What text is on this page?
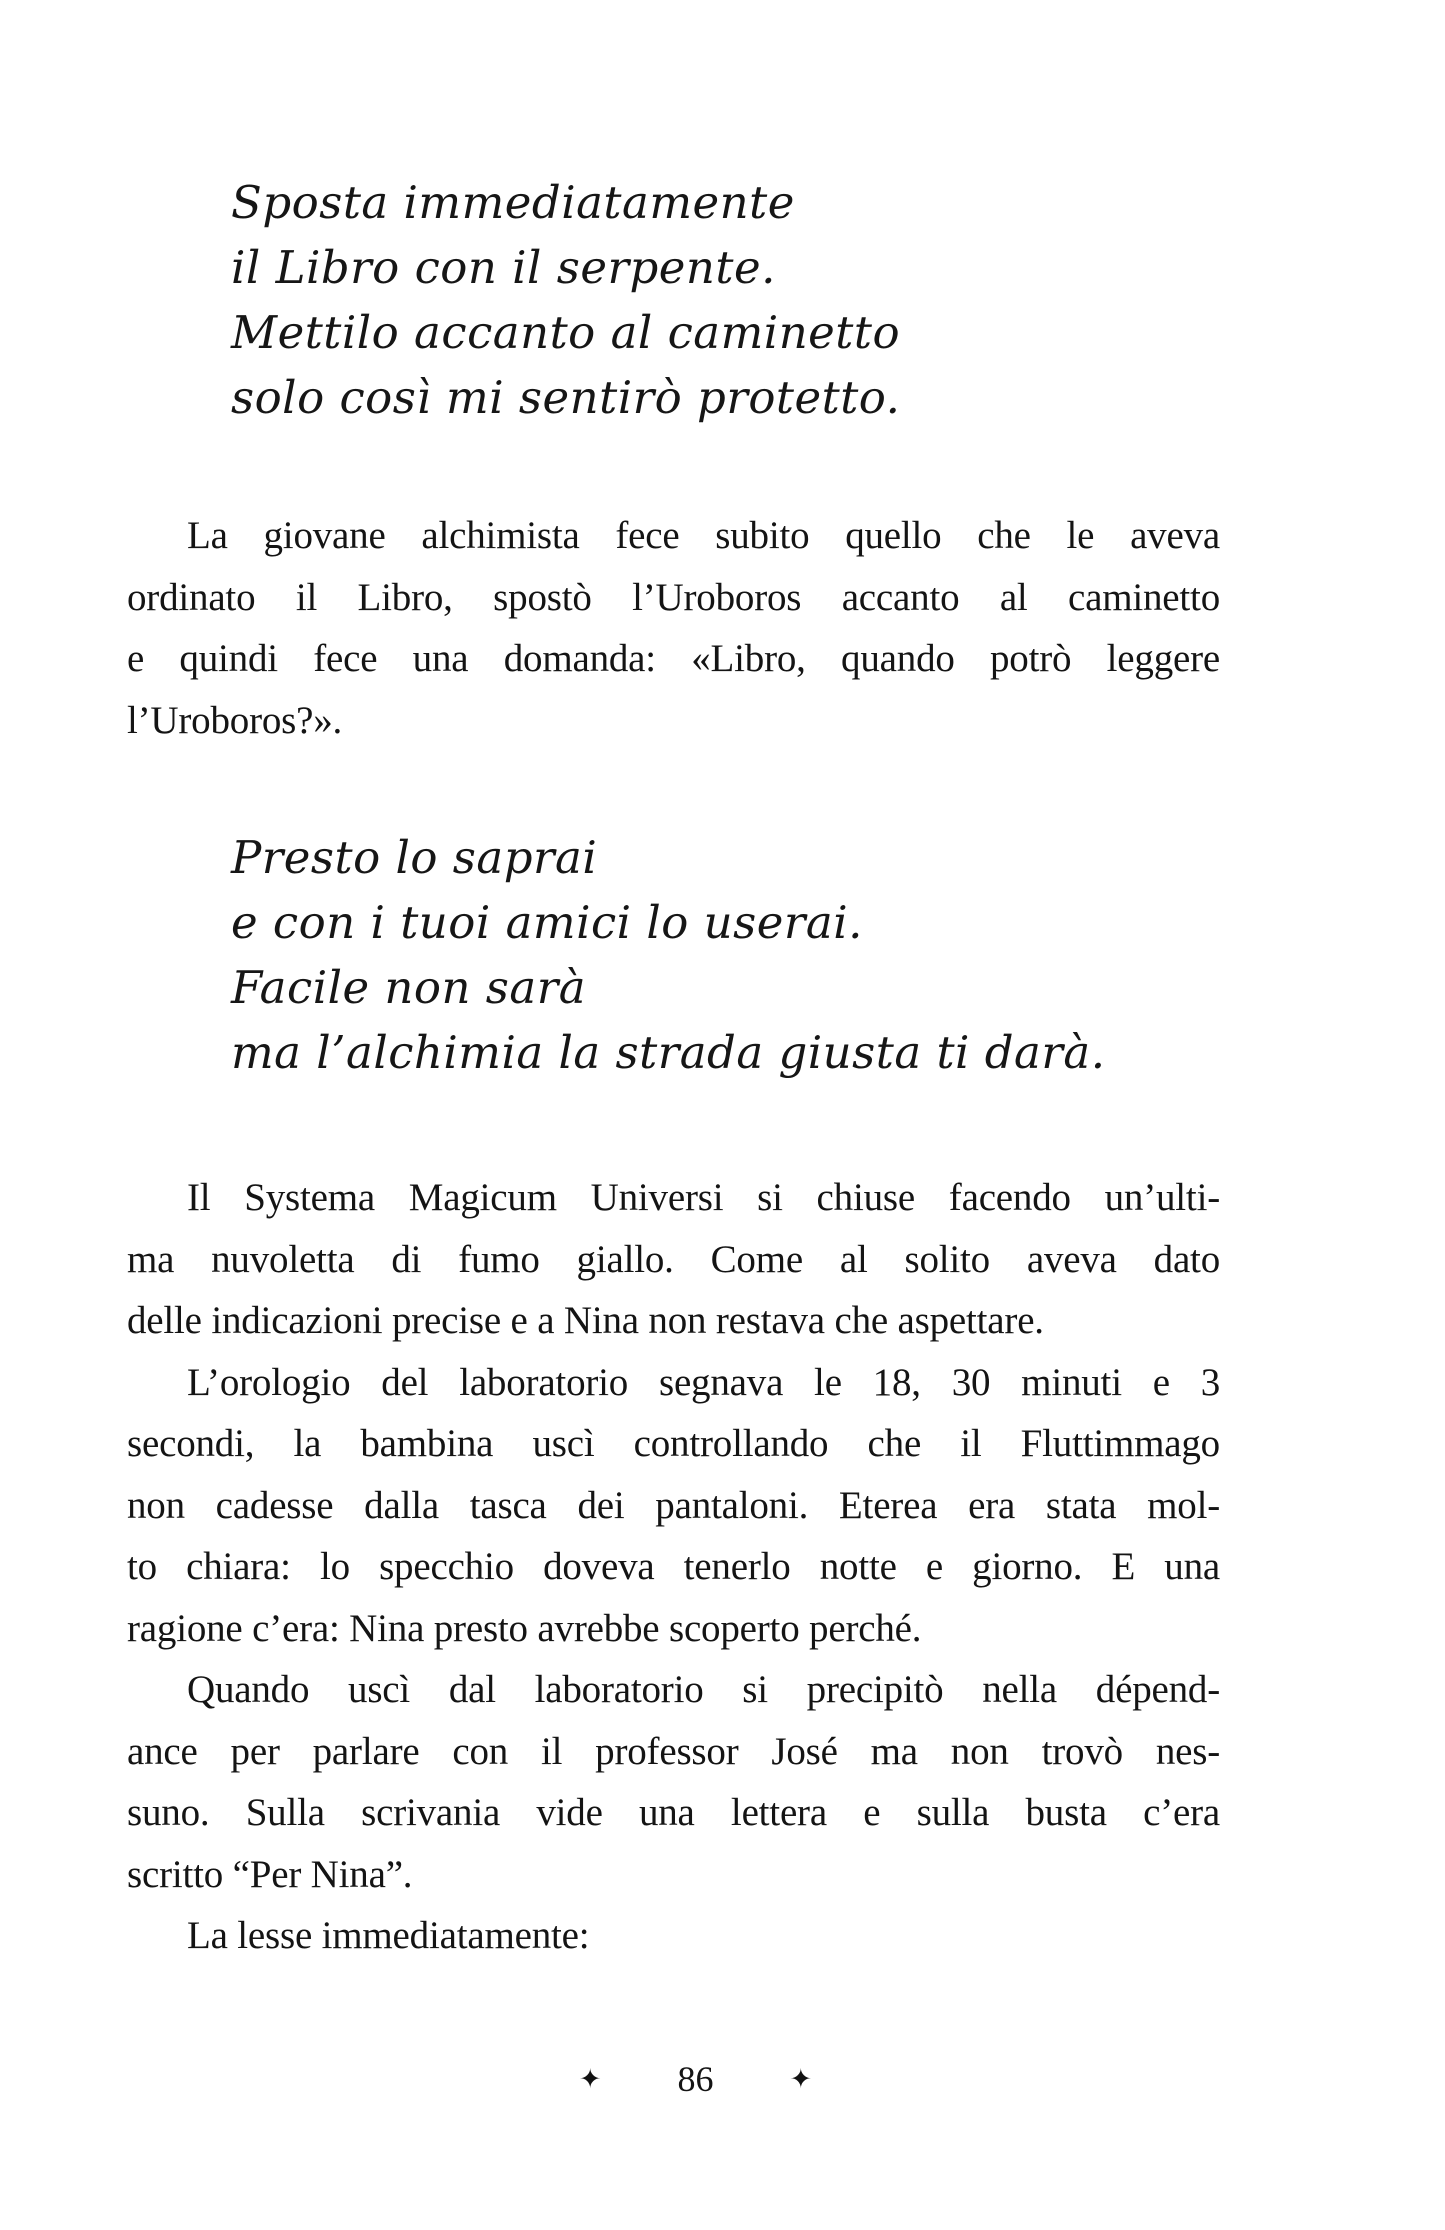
Sposta immediatamente
il Libro con il serpente.
Mettilo accanto al caminetto
solo così mi sentirò protetto.
La giovane alchimista fece subito quello che le aveva
ordinato il Libro, spostò l’Uroboros accanto al caminetto
e quindi fece una domanda: «Libro, quando potrò leggere
l’Uroboros?».
Presto lo saprai
e con i tuoi amici lo userai.
Facile non sarà
ma l’alchimia la strada giusta ti darà.
Il Systema Magicum Universi si chiuse facendo un’ulti-
ma nuvoletta di fumo giallo. Come al solito aveva dato
delle indicazioni precise e a Nina non restava che aspettare.
L’orologio del laboratorio segnava le 18, 30 minuti e 3
secondi, la bambina uscì controllando che il Fluttimmago
non cadesse dalla tasca dei pantaloni. Eterea era stata mol-
to chiara: lo specchio doveva tenerlo notte e giorno. E una
ragione c’era: Nina presto avrebbe scoperto perché.
Quando uscì dal laboratorio si precipitò nella dépend-
ance per parlare con il professor José ma non trovò nes-
suno. Sulla scrivania vide una lettera e sulla busta c’era
scritto “Per Nina”.
La lesse immediatamente:
✦ 86	✦
